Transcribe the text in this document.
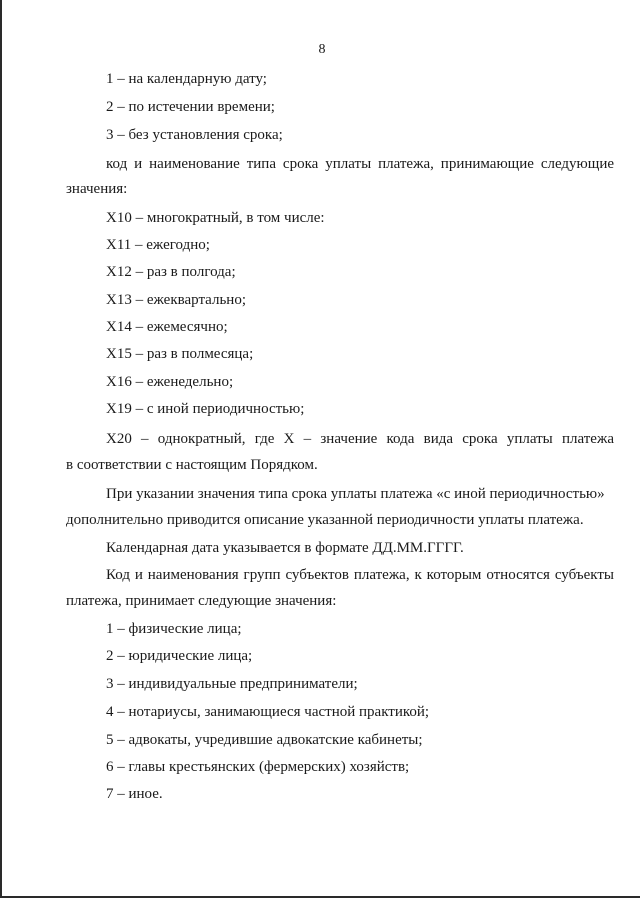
8
1 – на календарную дату;
2 – по истечении времени;
3 – без установления срока;
код и наименование типа срока уплаты платежа, принимающие следующие
значения:
X10 – многократный, в том числе:
X11 – ежегодно;
X12 – раз в полгода;
X13 – ежеквартально;
X14 – ежемесячно;
X15 – раз в полмесяца;
X16 – еженедельно;
X19 – с иной периодичностью;
X20 – однократный, где X – значение кода вида срока уплаты платежа
в соответствии с настоящим Порядком.
При указании значения типа срока уплаты платежа «с иной периодичностью»
дополнительно приводится описание указанной периодичности уплаты платежа.
Календарная дата указывается в формате ДД.ММ.ГГГГ.
Код и наименования групп субъектов платежа, к которым относятся субъекты
платежа, принимает следующие значения:
1 – физические лица;
2 – юридические лица;
3 – индивидуальные предприниматели;
4 – нотариусы, занимающиеся частной практикой;
5 – адвокаты, учредившие адвокатские кабинеты;
6 – главы крестьянских (фермерских) хозяйств;
7 – иное.
